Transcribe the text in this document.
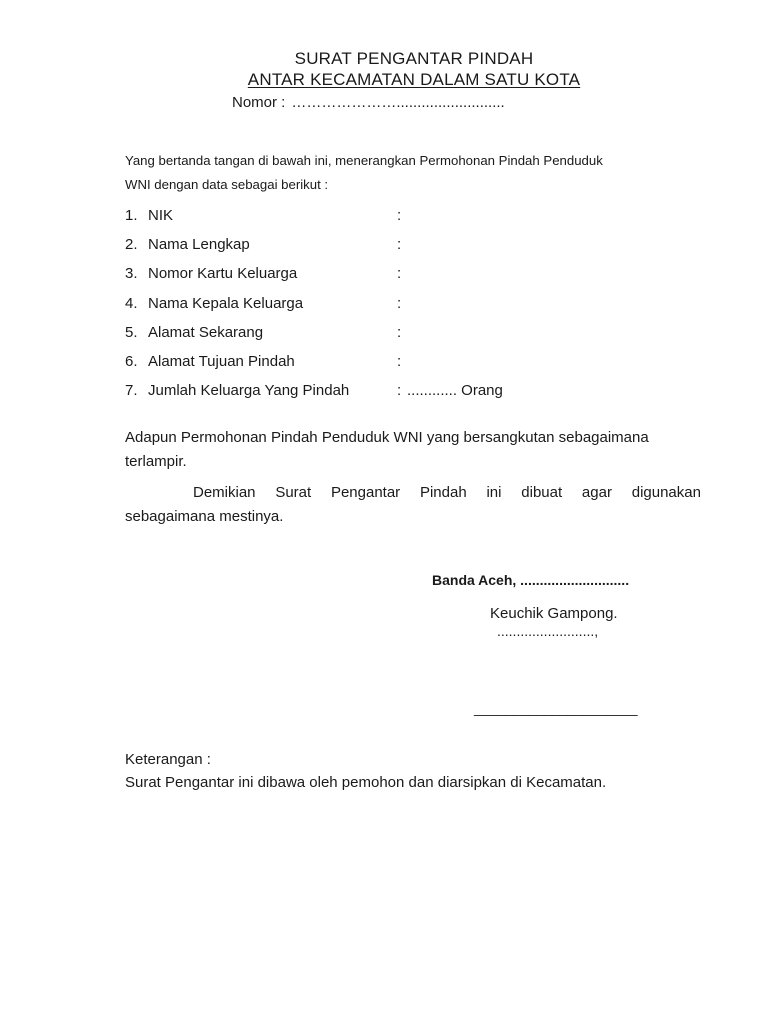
SURAT PENGANTAR PINDAH
ANTAR KECAMATAN DALAM SATU KOTA
Nomor : …………………..........................
Yang bertanda tangan di bawah ini, menerangkan Permohonan Pindah Penduduk
WNI dengan data sebagai berikut :
1. NIK	:
2. Nama Lengkap	:
3. Nomor Kartu Keluarga	:
4. Nama Kepala Keluarga	:
5. Alamat Sekarang	:
6. Alamat Tujuan Pindah	:
7. Jumlah Keluarga Yang Pindah	: ............ Orang
Adapun Permohonan Pindah Penduduk WNI yang bersangkutan sebagaimana
terlampir.
Demikian Surat Pengantar Pindah ini dibuat agar digunakan
sebagaimana mestinya.
Banda Aceh, ............................
Keuchik Gampong.
.........................,
_____________________
Keterangan :
Surat Pengantar ini dibawa oleh pemohon dan diarsipkan di Kecamatan.
